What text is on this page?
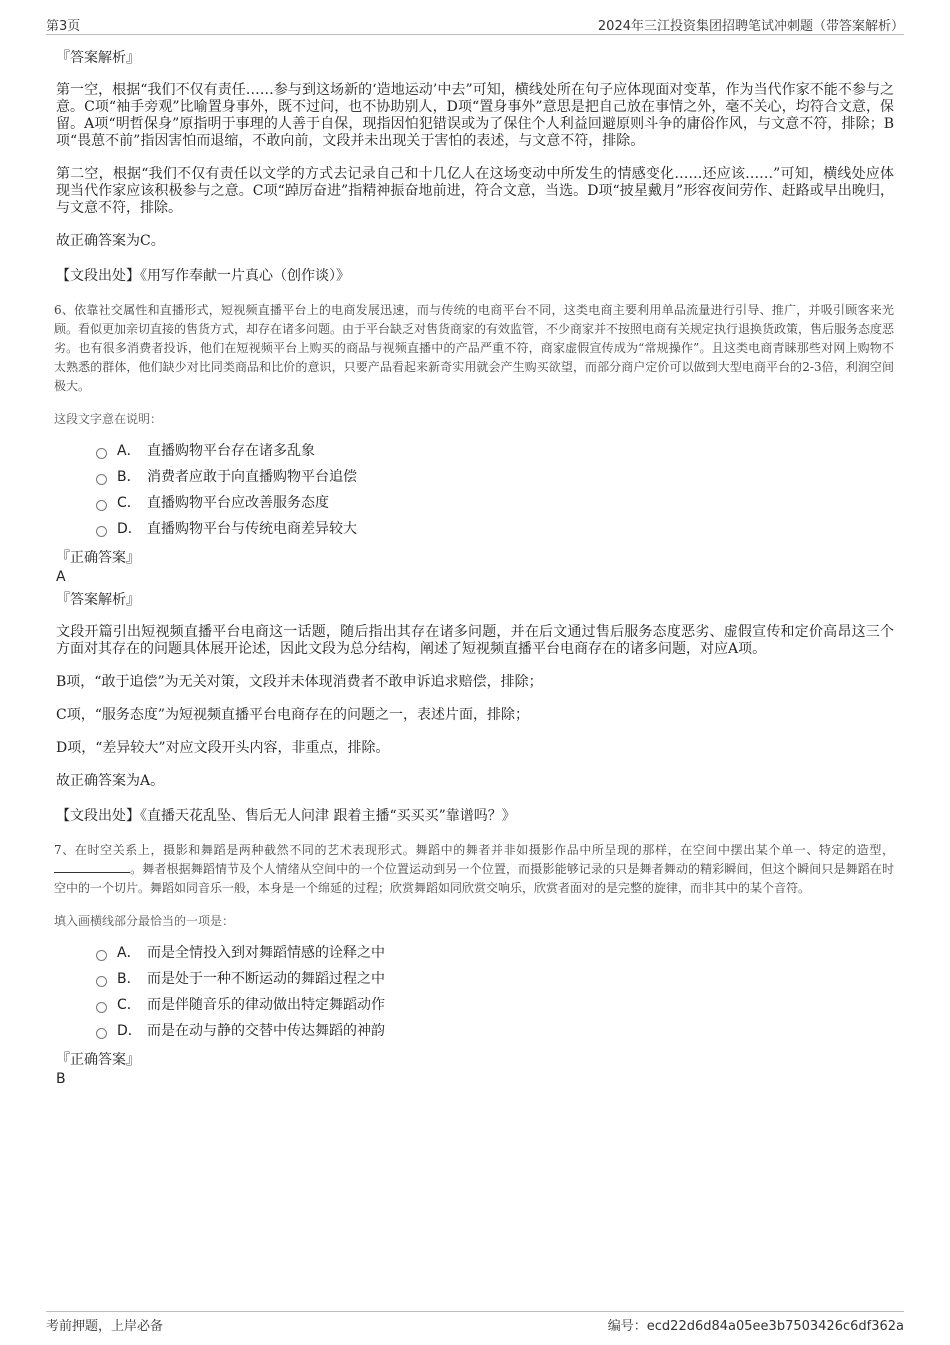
第3页	2024年三江投资集团招聘笔试冲刺题（带答案解析）
『答案解析』

第一空，根据“我们不仅有责任……参与到这场新的‘造地运动’中去”可知，横线处所在句子应体现面对变革，作为当代作家不能不参与之意。C项“袖手旁观”比喻置身事外，既不过问，也不协助别人，D项“置身事外”意思是把自己放在事情之外，毫不关心，均符合文意，保留。A项“明哲保身”原指明于事理的人善于自保，现指因怕犯错误或为了保住个人利益回避原则斗争的庸俗作风，与文意不符，排除；B项“畏葸不前”指因害怕而退缩，不敢向前，文段并未出现关于害怕的表述，与文意不符，排除。

第二空，根据“我们不仅有责任以文学的方式去记录自己和十几亿人在这场变动中所发生的情感变化……还应该……”可知，横线处应体现当代作家应该积极参与之意。C项“踔厉奋进”指精神振奋地前进，符合文意，当选。D项“披星戴月”形容夜间劳作、赶路或早出晚归，与文意不符，排除。

故正确答案为C。

【文段出处】《用写作奉献一片真心（创作谈）》

6、依靠社交属性和直播形式，短视频直播平台上的电商发展迅速，而与传统的电商平台不同，这类电商主要利用单品流量进行引导、推广，并吸引顾客来光顾。看似更加亲切直接的售货方式，却存在诸多问题。由于平台缺乏对售货商家的有效监管，不少商家并不按照电商有关规定执行退换货政策，售后服务态度恶劣。也有很多消费者投诉，他们在短视频平台上购买的商品与视频直播中的产品严重不符，商家虚假宣传成为“常规操作”。且这类电商青睐那些对网上购物不太熟悉的群体，他们缺少对比同类商品和比价的意识，只要产品看起来新奇实用就会产生购买欲望，而部分商户定价可以做到大型电商平台的2-3倍，利润空间极大。

这段文字意在说明：

A． 直播购物平台存在诸多乱象
B． 消费者应敢于向直播购物平台追偿
C． 直播购物平台应改善服务态度
D． 直播购物平台与传统电商差异较大
『正确答案』
A
『答案解析』

文段开篇引出短视频直播平台电商这一话题，随后指出其存在诸多问题，并在后文通过售后服务态度恶劣、虚假宣传和定价高昂这三个方面对其存在的问题具体展开论述，因此文段为总分结构，阐述了短视频直播平台电商存在的诸多问题，对应A项。

B项，“敢于追偿”为无关对策，文段并未体现消费者不敢申诉追求赔偿，排除；

C项，“服务态度”为短视频直播平台电商存在的问题之一，表述片面，排除；

D项，“差异较大”对应文段开头内容，非重点，排除。

故正确答案为A。

【文段出处】《直播天花乱坠、售后无人问津 跟着主播“买买买”靠谱吗？》

7、在时空关系上，摄影和舞蹈是两种截然不同的艺术表现形式。舞蹈中的舞者并非如摄影作品中所呈现的那样，在空间中摆出某个单一、特定的造型，。舞者根据舞蹈情节及个人情绪从空间中的一个位置运动到另一个位置，而摄影能够记录的只是舞者舞动的精彩瞬间，但这个瞬间只是舞蹈在时空中的一个切片。舞蹈如同音乐一般，本身是一个绵延的过程；欣赏舞蹈如同欣赏交响乐，欣赏者面对的是完整的旋律，而非其中的某个音符。

填入画横线部分最恰当的一项是：

A． 而是全情投入到对舞蹈情感的诠释之中
B． 而是处于一种不断运动的舞蹈过程之中
C． 而是伴随音乐的律动做出特定舞蹈动作
D． 而是在动与静的交替中传达舞蹈的神韵
『正确答案』
B
考前押题，上岸必备	编号：ecd22d6d84a05ee3b7503426c6df362a
